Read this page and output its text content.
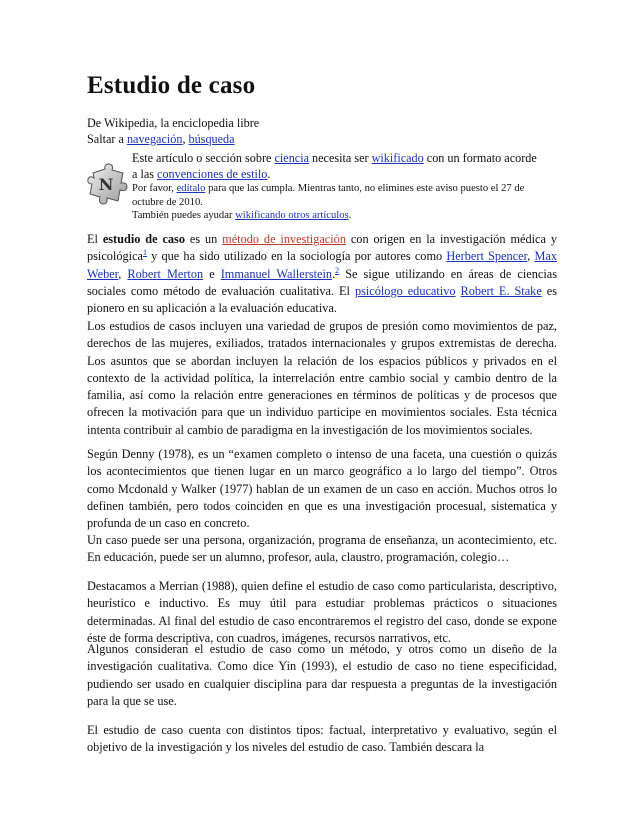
Estudio de caso
De Wikipedia, la enciclopedia libre
Saltar a navegación, búsqueda
N
Este artículo o sección sobre ciencia necesita ser wikificado con un formato acorde
a las convenciones de estilo.
Por favor, edítalo para que las cumpla. Mientras tanto, no elimines este aviso puesto el 27 de
octubre de 2010.
También puedes ayudar wikificando otros artículos.

El estudio de caso es un método de investigación con origen en la investigación médica y psicológica$^1$ y que ha sido utilizado en la sociología por autores como Herbert Spencer, Max Weber, Robert Merton e Immanuel Wallerstein.$^2$ Se sigue utilizando en áreas de ciencias sociales como método de evaluación cualitativa. El psicólogo educativo Robert E. Stake es pionero en su aplicación a la evaluación educativa.

Los estudios de casos incluyen una variedad de grupos de presión como movimientos de paz, derechos de las mujeres, exiliados, tratados internacionales y grupos extremistas de derecha. Los asuntos que se abordan incluyen la relación de los espacios públicos y privados en el contexto de la actividad política, la interrelación entre cambio social y cambio dentro de la familia, así como la relación entre generaciones en términos de políticas y de procesos que ofrecen la motivación para que un individuo participe en movimientos sociales. Esta técnica intenta contribuir al cambio de paradigma en la investigación de los movimientos sociales.

Según Denny (1978), es un “examen completo o intenso de una faceta, una cuestión o quizás los acontecimientos que tienen lugar en un marco geográfico a lo largo del tiempo”. Otros como Mcdonald y Walker (1977) hablan de un examen de un caso en acción. Muchos otros lo definen también, pero todos coinciden en que es una investigación procesual, sistematica y profunda de un caso en concreto.

Un caso puede ser una persona, organización, programa de enseñanza, un acontecimiento, etc. En educación, puede ser un alumno, profesor, aula, claustro, programación, colegio…

Destacamos a Merrian (1988), quien define el estudio de caso como particularista, descriptivo, heurístico e inductivo. Es muy útil para estudiar problemas prácticos o situaciones determinadas. Al final del estudio de caso encontraremos el registro del caso, donde se expone éste de forma descriptiva, con cuadros, imágenes, recursos narrativos, etc.

Algunos consideran el estudio de caso como un método, y otros como un diseño de la investigación cualitativa. Como dice Yin (1993), el estudio de caso no tiene especificidad, pudiendo ser usado en cualquier disciplina para dar respuesta a preguntas de la investigación para la que se use.

El estudio de caso cuenta con distintos tipos: factual, interpretativo y evaluativo, según el objetivo de la investigación y los niveles del estudio de caso. También descara la
